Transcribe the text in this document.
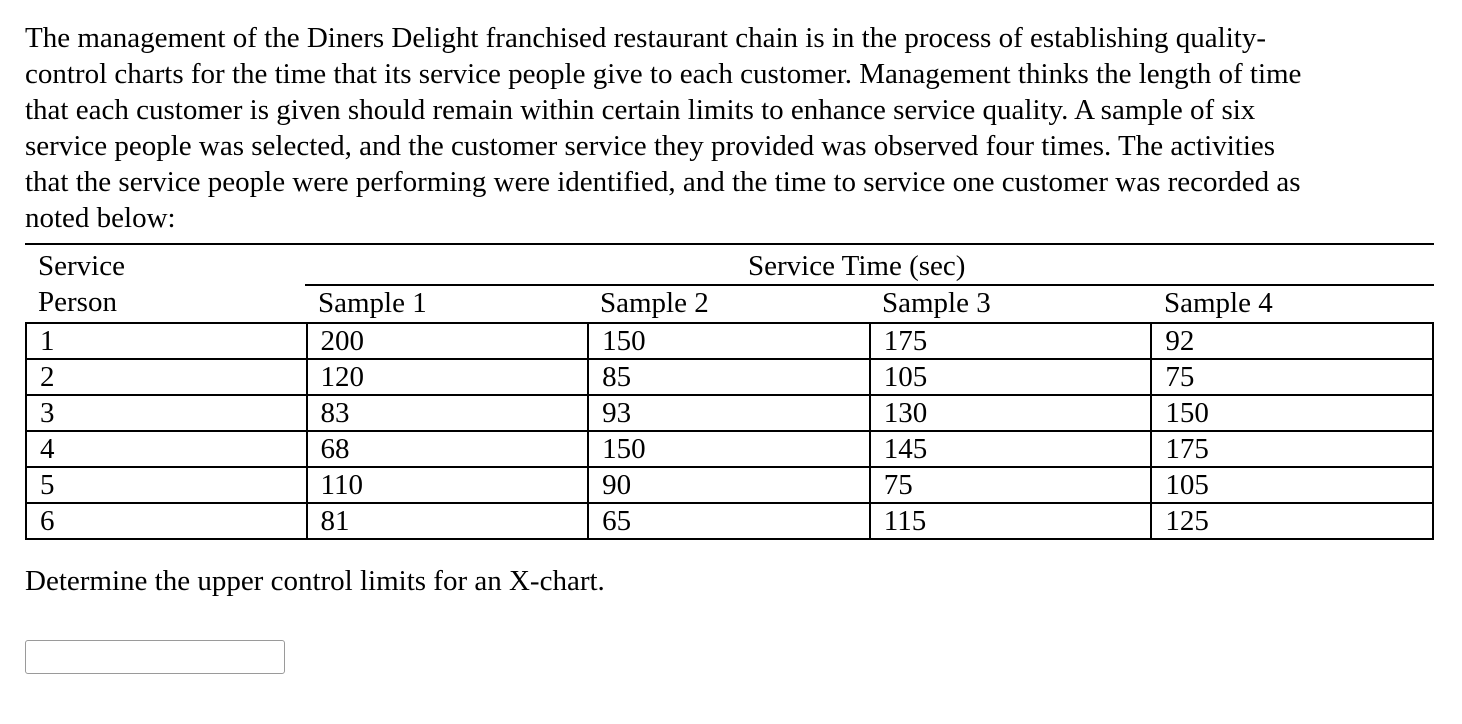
The management of the Diners Delight franchised restaurant chain is in the process of establishing quality-
control charts for the time that its service people give to each customer. Management thinks the length of time
that each customer is given should remain within certain limits to enhance service quality. A sample of six
service people was selected, and the customer service they provided was observed four times. The activities
that the service people were performing were identified, and the time to service one customer was recorded as
noted below:
Service
Person
Service Time (sec)
Sample 1	Sample 2	Sample 3	Sample 4
1	200	150	175	92
2	120	85	105	75
3	83	93	130	150
4	68	150	145	175
5	110	90	75	105
6	81	65	115	125
Determine the upper control limits for an X-chart.
